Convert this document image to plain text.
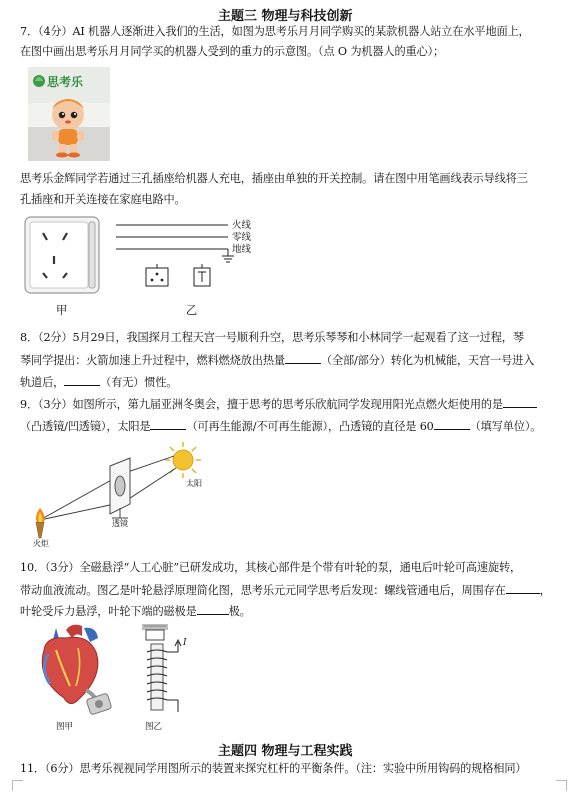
主题三 物理与科技创新
7．（4分）AI 机器人逐渐进入我们的生活，如图为思考乐月月同学购买的某款机器人站立在水平地面上，
在图中画出思考乐月月同学买的机器人受到的重力的示意图。（点 O 为机器人的重心）；
思考乐
思考乐金辉同学若通过三孔插座给机器人充电，插座由单独的开关控制。请在图中用笔画线表示导线将三
孔插座和开关连接在家庭电路中。
甲
火线
零线
地线
乙
8．（2分）5月29日，我国探月工程天宫一号顺利升空，思考乐琴琴和小林同学一起观看了这一过程，琴
琴同学提出：火箭加速上升过程中，燃料燃烧放出热量	（全部/部分）转化为机械能，天宫一号进入
轨道后，	（有无）惯性。
9．（3分）如图所示，第九届亚洲冬奥会，擅于思考的思考乐欣航同学发现用阳光点燃火炬使用的是
（凸透镜/凹透镜），太阳是	（可再生能源/不可再生能源），凸透镜的直径是 60	（填写单位）。
太阳
透镜
火炬
10．（3分）全磁悬浮“人工心脏”已研发成功，其核心部件是个带有叶轮的泵，通电后叶轮可高速旋转，
带动血液流动。图乙是叶轮悬浮原理简化图，思考乐元元同学思考后发现：螺线管通电后，周围存在	，
叶轮受斥力悬浮，叶轮下端的磁极是	极。
图甲
I
图乙
主题四 物理与工程实践
11．（6分）思考乐视视同学用图所示的装置来探究杠杆的平衡条件。（注：实验中所用钩码的规格相同）
